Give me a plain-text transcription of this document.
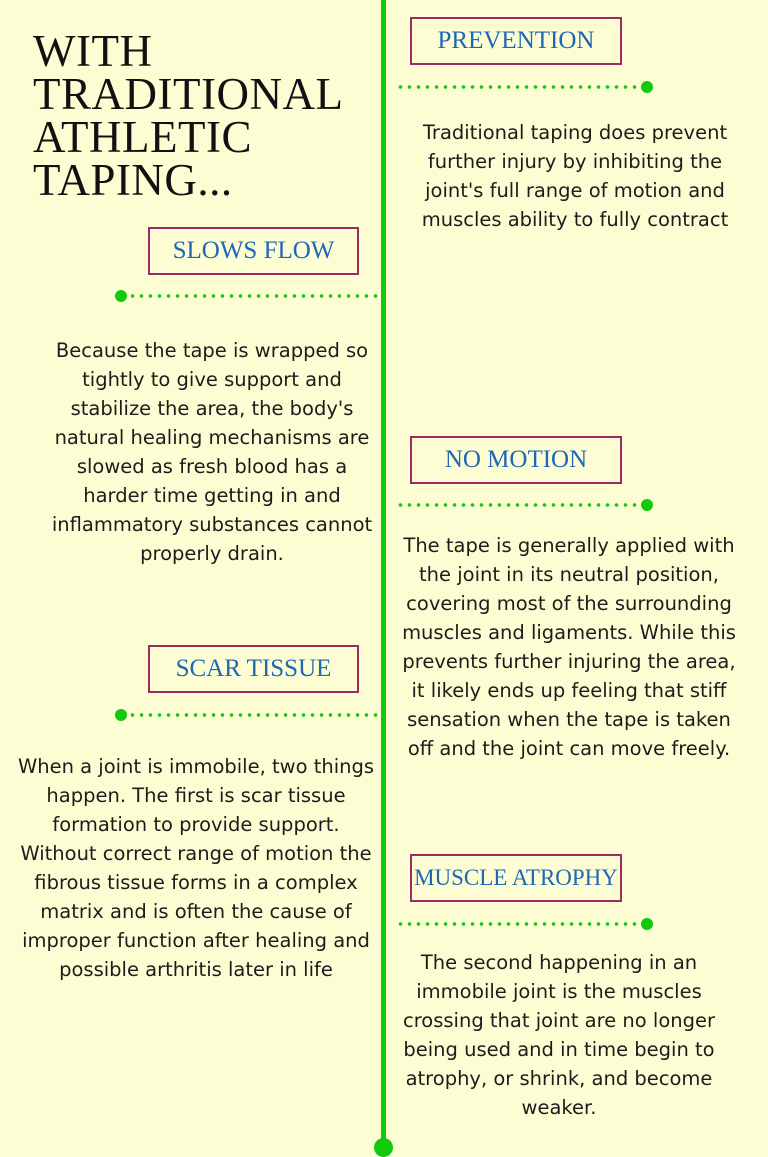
WITH
TRADITIONAL
ATHLETIC
TAPING...
PREVENTION

Traditional taping does prevent further injury by inhibiting the joint's full range of motion and muscles ability to fully contract

SLOWS FLOW

Because the tape is wrapped so tightly to give support and stabilize the area, the body's natural healing mechanisms are slowed as fresh blood has a harder time getting in and inflammatory substances cannot properly drain.

NO MOTION

The tape is generally applied with the joint in its neutral position, covering most of the surrounding muscles and ligaments. While this prevents further injuring the area, it likely ends up feeling that stiff sensation when the tape is taken off and the joint can move freely.

SCAR TISSUE

When a joint is immobile, two things happen. The first is scar tissue formation to provide support. Without correct range of motion the fibrous tissue forms in a complex matrix and is often the cause of improper function after healing and possible arthritis later in life

MUSCLE ATROPHY

The second happening in an immobile joint is the muscles crossing that joint are no longer being used and in time begin to atrophy, or shrink, and become weaker.
